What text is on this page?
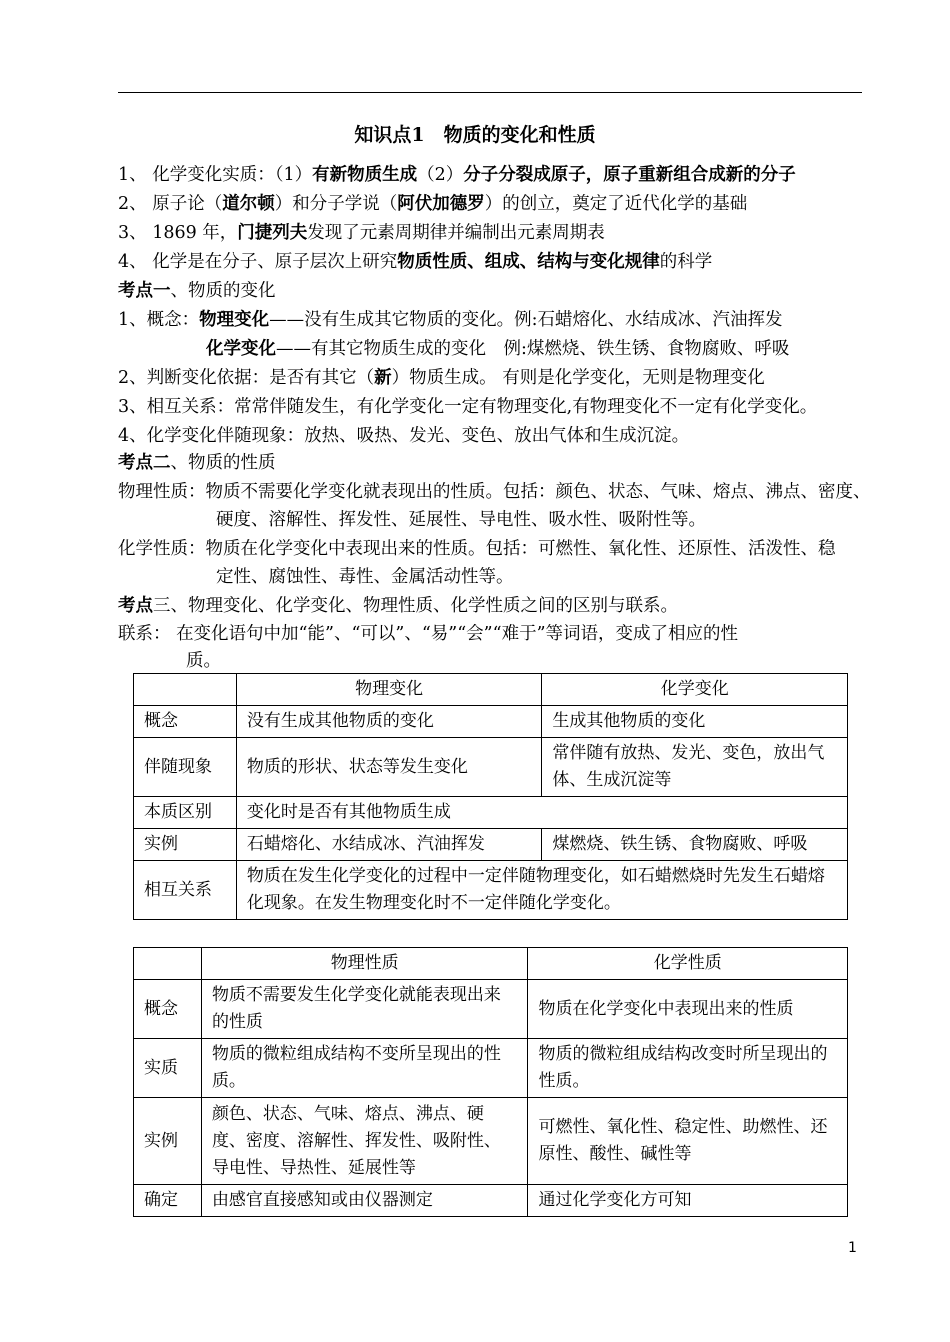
知识点1　物质的变化和性质
1、 化学变化实质：（1）有新物质生成（2）分子分裂成原子，原子重新组合成新的分子
2、 原子论（道尔顿）和分子学说（阿伏加德罗）的创立，奠定了近代化学的基础
3、 1869 年，门捷列夫发现了元素周期律并编制出元素周期表
4、 化学是在分子、原子层次上研究物质性质、组成、结构与变化规律的科学
考点一、物质的变化
1、概念：物理变化——没有生成其它物质的变化。例:石蜡熔化、水结成冰、汽油挥发
化学变化——有其它物质生成的变化　例:煤燃烧、铁生锈、食物腐败、呼吸
2、判断变化依据：是否有其它（新）物质生成。 有则是化学变化，无则是物理变化
3、相互关系：常常伴随发生，有化学变化一定有物理变化,有物理变化不一定有化学变化。
4、化学变化伴随现象：放热、吸热、发光、变色、放出气体和生成沉淀。
考点二、物质的性质
物理性质：物质不需要化学变化就表现出的性质。包括：颜色、状态、气味、熔点、沸点、密度、
硬度、溶解性、挥发性、延展性、导电性、吸水性、吸附性等。
化学性质：物质在化学变化中表现出来的性质。包括：可燃性、氧化性、还原性、活泼性、稳
定性、腐蚀性、毒性、金属活动性等。
考点三、物理变化、化学变化、物理性质、化学性质之间的区别与联系。
联系： 在变化语句中加“能”、“可以”、“易”“会”“难于”等词语，变成了相应的性
质。
	物理变化	化学变化
概念	没有生成其他物质的变化	生成其他物质的变化
伴随现象	物质的形状、状态等发生变化	常伴随有放热、发光、变色，放出气体、生成沉淀等
本质区别	变化时是否有其他物质生成	
实例	石蜡熔化、水结成冰、汽油挥发	煤燃烧、铁生锈、食物腐败、呼吸
相互关系	物质在发生化学变化的过程中一定伴随物理变化，如石蜡燃烧时先发生石蜡熔化现象。在发生物理变化时不一定伴随化学变化。	
	物理性质	化学性质
概念	物质不需要发生化学变化就能表现出来的性质	物质在化学变化中表现出来的性质
实质	物质的微粒组成结构不变所呈现出的性质。	物质的微粒组成结构改变时所呈现出的性质。
实例	颜色、状态、气味、熔点、沸点、硬度、密度、溶解性、挥发性、吸附性、导电性、导热性、延展性等	可燃性、氧化性、稳定性、助燃性、还原性、酸性、碱性等
确定	由感官直接感知或由仪器测定	通过化学变化方可知
1
